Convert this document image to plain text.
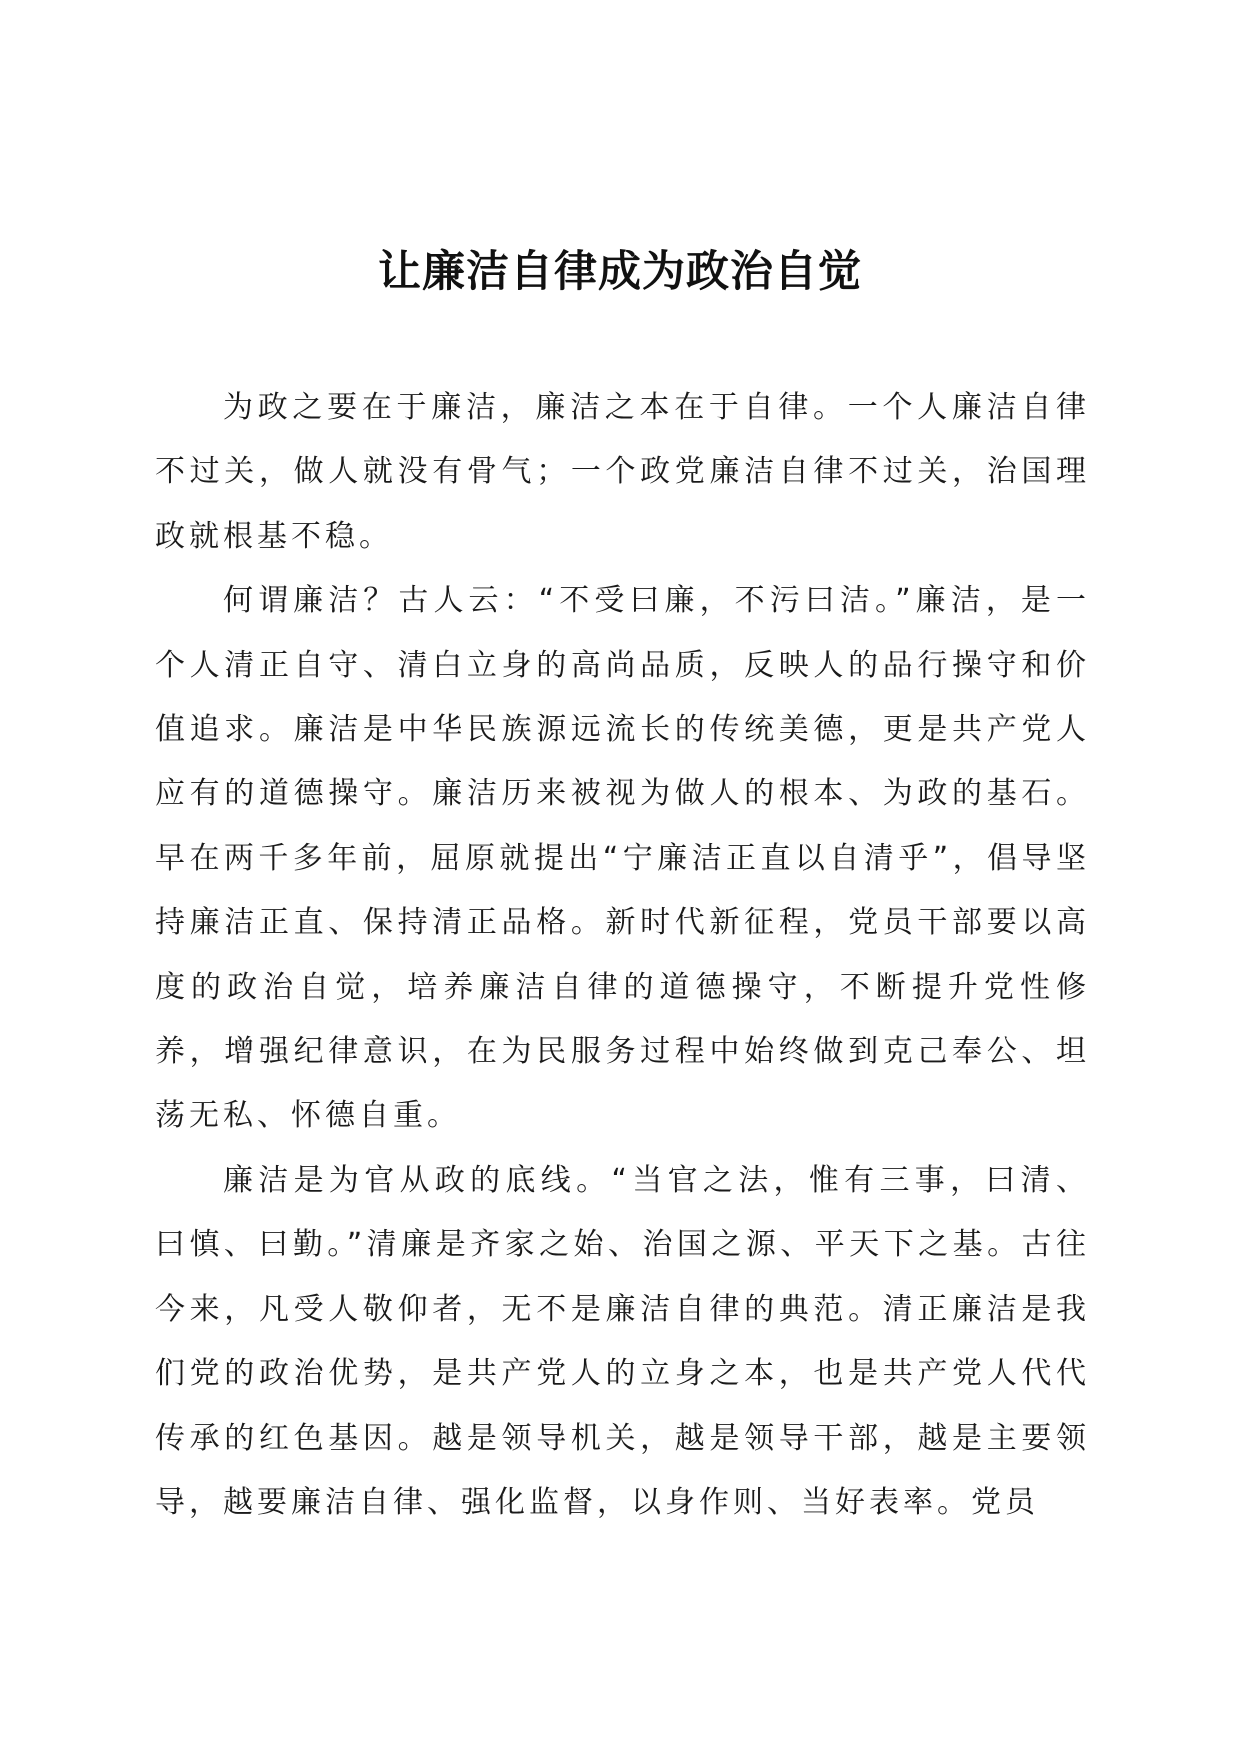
让廉洁自律成为政治自觉

为政之要在于廉洁，廉洁之本在于自律。一个人廉洁自律不过关，做人就没有骨气；一个政党廉洁自律不过关，治国理政就根基不稳。

何谓廉洁？古人云：“不受曰廉，不污曰洁。”廉洁，是一个人清正自守、清白立身的高尚品质，反映人的品行操守和价值追求。廉洁是中华民族源远流长的传统美德，更是共产党人应有的道德操守。廉洁历来被视为做人的根本、为政的基石。早在两千多年前，屈原就提出“宁廉洁正直以自清乎”，倡导坚持廉洁正直、保持清正品格。新时代新征程，党员干部要以高度的政治自觉，培养廉洁自律的道德操守，不断提升党性修养，增强纪律意识，在为民服务过程中始终做到克己奉公、坦荡无私、怀德自重。

廉洁是为官从政的底线。“当官之法，惟有三事，曰清、曰慎、曰勤。”清廉是齐家之始、治国之源、平天下之基。古往今来，凡受人敬仰者，无不是廉洁自律的典范。清正廉洁是我们党的政治优势，是共产党人的立身之本，也是共产党人代代传承的红色基因。越是领导机关，越是领导干部，越是主要领导，越要廉洁自律、强化监督，以身作则、当好表率。党员
